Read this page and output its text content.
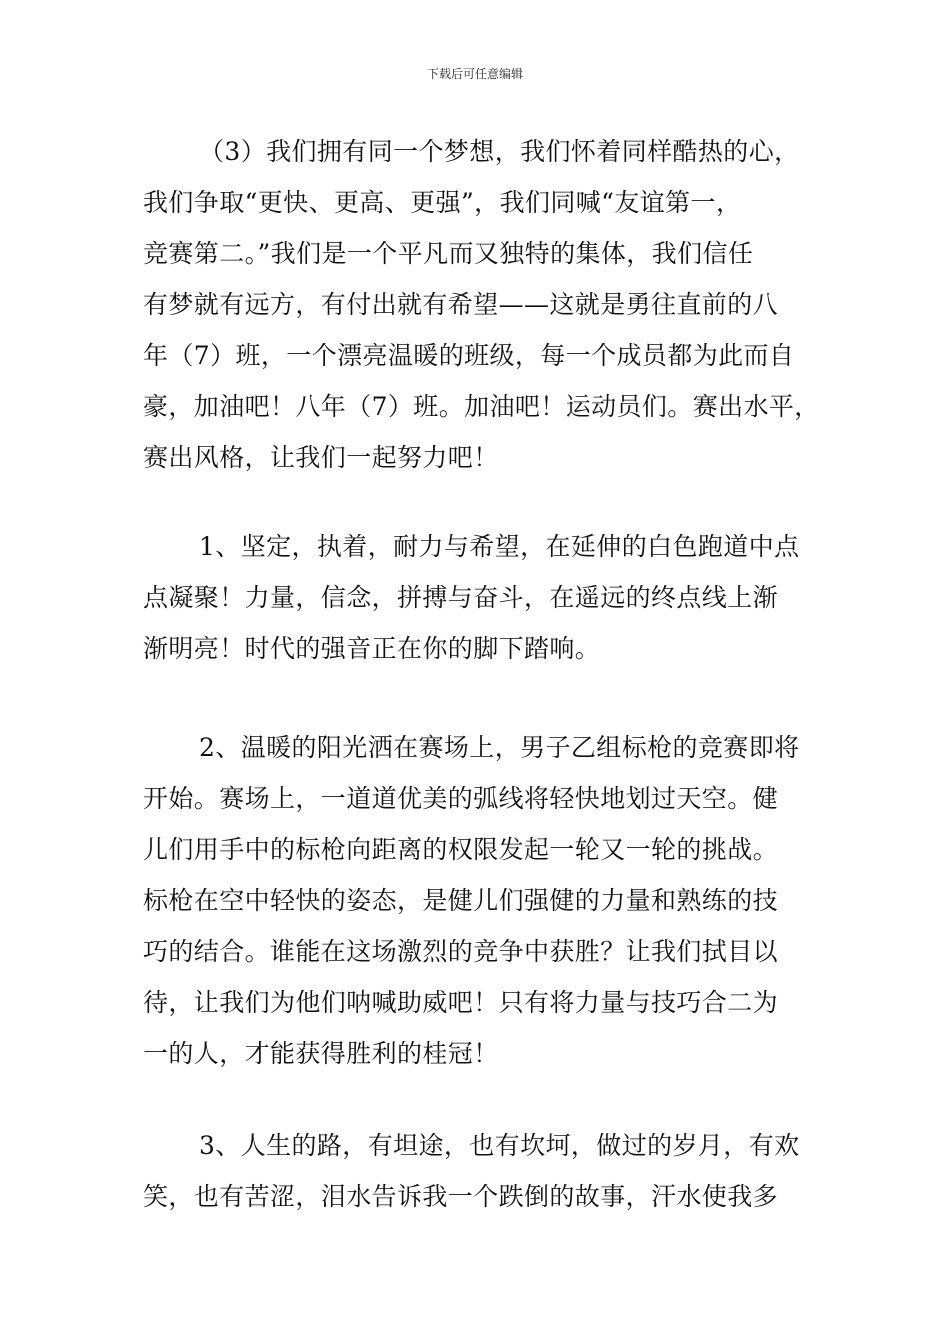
下载后可任意编辑
（3）我们拥有同一个梦想，我们怀着同样酷热的心，
我们争取“更快、更高、更强”，我们同喊“友谊第一，
竞赛第二。”我们是一个平凡而又独特的集体，我们信任
有梦就有远方，有付出就有希望——这就是勇往直前的八
年（7）班，一个漂亮温暖的班级，每一个成员都为此而自
豪，加油吧！八年（7）班。加油吧！运动员们。赛出水平，
赛出风格，让我们一起努力吧！
1、坚定，执着，耐力与希望，在延伸的白色跑道中点
点凝聚！力量，信念，拼搏与奋斗，在遥远的终点线上渐
渐明亮！时代的强音正在你的脚下踏响。
2、温暖的阳光洒在赛场上，男子乙组标枪的竞赛即将
开始。赛场上，一道道优美的弧线将轻快地划过天空。健
儿们用手中的标枪向距离的权限发起一轮又一轮的挑战。
标枪在空中轻快的姿态，是健儿们强健的力量和熟练的技
巧的结合。谁能在这场激烈的竞争中获胜？让我们拭目以
待，让我们为他们呐喊助威吧！只有将力量与技巧合二为
一的人，才能获得胜利的桂冠！
3、人生的路，有坦途，也有坎坷，做过的岁月，有欢
笑，也有苦涩，泪水告诉我一个跌倒的故事，汗水使我多
